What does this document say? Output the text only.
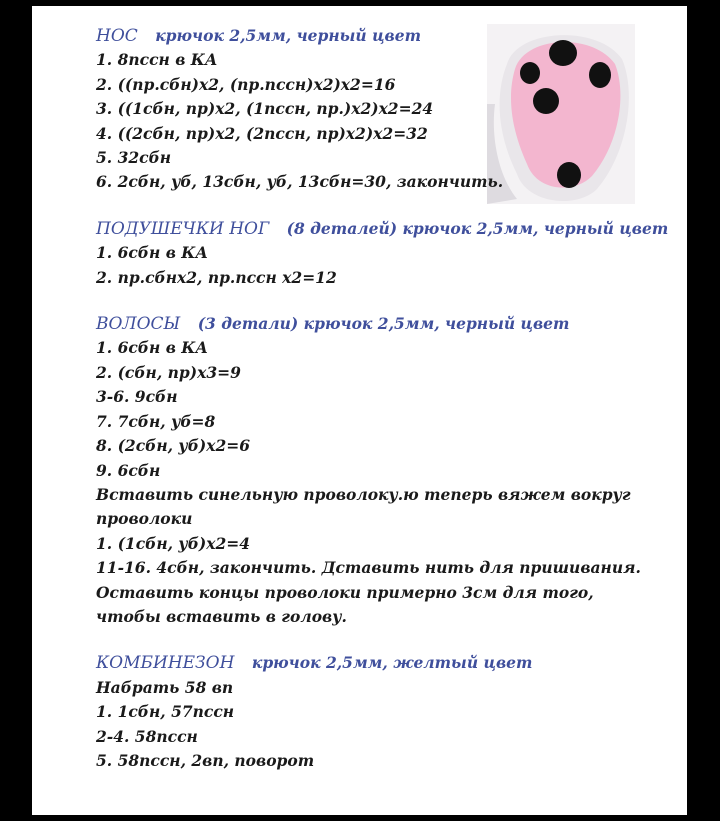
НОС крючок 2,5мм, черный цвет
1. 8пссн в КА
2. ((пр.сбн)х2, (пр.пссн)х2)х2=16
3. ((1сбн, пр)х2, (1пссн, пр.)х2)х2=24
4. ((2сбн, пр)х2, (2пссн, пр)х2)х2=32
5. 32сбн
6. 2сбн, уб, 13сбн, уб, 13сбн=30, закончить.
ПОДУШЕЧКИ НОГ (8 деталей) крючок 2,5мм, черный цвет
1. 6сбн в КА
2. пр.сбнх2, пр.пссн х2=12
ВОЛОСЫ (3 детали) крючок 2,5мм, черный цвет
1. 6сбн в КА
2. (сбн, пр)х3=9
3-6. 9сбн
7. 7сбн, уб=8
8. (2сбн, уб)х2=6
9. 6сбн
Вставить синельную проволоку.ю теперь вяжем вокруг проволоки
1. (1сбн, уб)х2=4
11-16. 4сбн, закончить. Дставить нить для пришивания. Оставить концы проволоки примерно 3см для того, чтобы вставить в голову.
КОМБИНЕЗОН крючок 2,5мм, желтый цвет
Набрать 58 вп
1. 1сбн, 57пссн
2-4. 58пссн
5. 58пссн, 2вп, поворот
